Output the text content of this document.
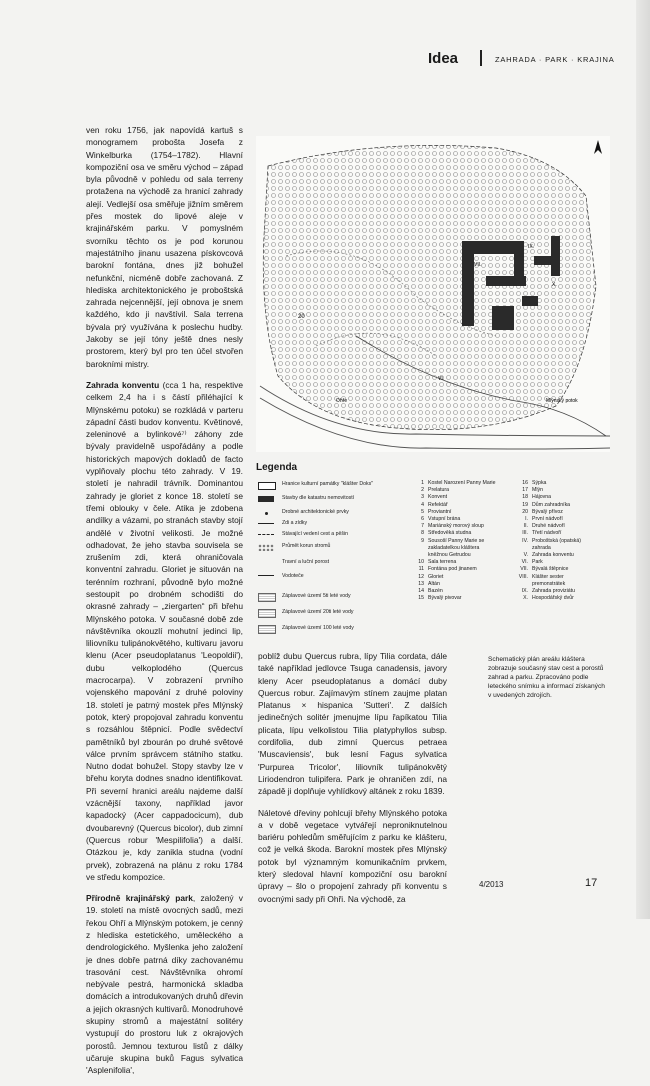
Idea	ZAHRADA · PARK · KRAJINA

ven roku 1756, jak napovídá kartuš s monogramem probošta Josefa z Winkelburka (1754–1782). Hlavní kompoziční osa ve směru východ – západ byla původně v pohledu od sala terreny protažena na východě za hranicí zahrady alejí. Vedlejší osa směřuje jižním směrem přes mostek do lipové aleje v krajinářském parku. V pomyslném svorníku těchto os je pod korunou majestátního jinanu usazena pískovcová barokní fontána, dnes již bohužel nefunkční, nicméně dobře zachovaná. Z hlediska architektonického je proboštská zahrada nejcennější, její obnova je snem každého, kdo ji navštívil. Sala terrena bývala prý využívána k poslechu hudby. Jakoby se její tóny ještě dnes nesly prostorem, který byl pro ten účel stvořen barokními mistry.

Zahrada konventu (cca 1 ha, respektive celkem 2,4 ha i s částí přiléhající k Mlýnskému potoku) se rozkládá v parteru západní části budov konventu. Květinové, zeleninové a bylinkové⁷⁾ záhony zde bývaly pravidelně uspořádány a podle historických mapových dokladů de facto vyplňovaly plochu této zahrady. V 19. století je nahradil trávník. Dominantou zahrady je gloriet z konce 18. století se třemi oblouky v čele. Atika je zdobena andílky a vázami, po stranách stavby stojí andělé v životní velikosti. Je možné odhadovat, že jeho stavba souvisela se zrušením zdi, která ohraničovala konventní zahradu. Gloriet je situován na terénním rozhraní, původně bylo možné sestoupit po drobném schodišti do okrasné zahrady – „ziergarten“ při břehu Mlýnského potoka. V současné době zde návštěvníka okouzlí mohutní jedinci lip, liliovníku tulipánokvětého, kultivaru javoru klenu (Acer pseudoplatanus 'Leopoldii'), dubu velkoplodého (Quercus macrocarpa). V zobrazení prvního vojenského mapování z druhé poloviny 18. století je patrný mostek přes Mlýnský potok, který propojoval zahradu konventu s rozsáhlou štěpnicí. Podle svědectví pamětníků byl zbourán po druhé světové válce prvním správcem státního statku. Nutno dodat bohužel. Stopy stavby lze v břehu koryta dodnes snadno identifikovat. Při severní hranici areálu najdeme další vzácnější taxony, například javor kapadocký (Acer cappadocicum), dub dvoubarevný (Quercus bicolor), dub zimní (Quercus robur 'Mespilifolia') a další. Otázkou je, kdy zanikla studna (vodní prvek), zobrazená na plánu z roku 1784 ve středu kompozice.

Přírodně krajinářský park, založený v 19. století na místě ovocných sadů, mezi řekou Ohří a Mlýnským potokem, je cenný z hlediska estetického, uměleckého a dendrologického. Myšlenka jeho založení je dnes dobře patrná díky zachovanému trasování cest. Návštěvníka ohromí nebývale pestrá, harmonická skladba domácích a introdukovaných druhů dřevin a jejich okrasných kultivarů. Monodruhové skupiny stromů a majestátní solitéry vystupují do prostoru luk z okrajových porostů. Jemnou texturou listů z dálky učaruje skupina buků Fagus sylvatica 'Asplenifolia',

20
Ohře	Mlýnský potok
VII.
IX.
VI.
X.
Legenda
Hranice kulturní památky "klášter Doks"
Stavby dle katastru nemovitostí
Drobné architektonické prvky
Zdi a zídky
Stávající vedení cest a pěšin
Průmět korun stromů
Travní a luční porost
Vodoteče
Záplavové území 5ti leté vody
Záplavové území 20ti leté vody
Záplavové území 100 leté vody
1 Kostel Narození Panny Marie
2 Prelatura
3 Konvent
4 Refektář
5 Proviantní
6 Vstupní brána
7 Mariánský morový sloup
8 Středověká studna
9 Sousoší Panny Marie se
zakladatelkou kláštera
kněžnou Getrudou
10 Sala terrena
11 Fontána pod jinanem
12 Gloriet
13 Altán
14 Bazén
15 Bývalý pivovar
16 Sýpka
17 Mlýn
18 Hájovna
19 Dům zahradníka
20 Bývalý přívoz
I. První nádvoří
II. Druhé nádvoří
III. Třetí nádvoří
IV. Proboštská (opatská)
zahrada
V. Zahrada konventu
VI. Park
VII. Bývalá štěpnice
VIII. Klášter sester
premonstrátek
IX. Zahrada proviziátu
X. Hospodářský dvůr

poblíž dubu Quercus rubra, lípy Tilia cordata, dále také například jedlovce Tsuga canadensis, javory kleny Acer pseudoplatanus a domácí duby Quercus robur. Zajímavým stínem zaujme platan Platanus × hispanica 'Sutteri'. Z dalších jedinečných solitér jmenujme lípu řapíkatou Tilia plicata, lípu velkolistou Tilia platyphyllos subsp. cordifolia, dub zimní Quercus petraea 'Muscaviensis', buk lesní Fagus sylvatica 'Purpurea Tricolor', liliovník tulipánokvětý Liriodendron tulipifera. Park je ohraničen zdí, na západě ji doplňuje vyhlídkový altánek z roku 1839.

Náletové dřeviny pohlcují břehy Mlýnského potoka a v době vegetace vytvářejí neproniknutelnou bariéru pohledům směřujícím z parku ke klášteru, což je velká škoda. Barokní mostek přes Mlýnský potok byl významným komunikačním prvkem, který sledoval hlavní kompoziční osu barokní úpravy – šlo o propojení zahrady při konventu s ovocnými sady při Ohři. Na východě, za

Schematický plán areálu kláštera zobrazuje současný stav cest a porostů zahrad a parku. Zpracováno podle leteckého snímku a informací získaných v uvedených zdrojích.
4/2013	17
